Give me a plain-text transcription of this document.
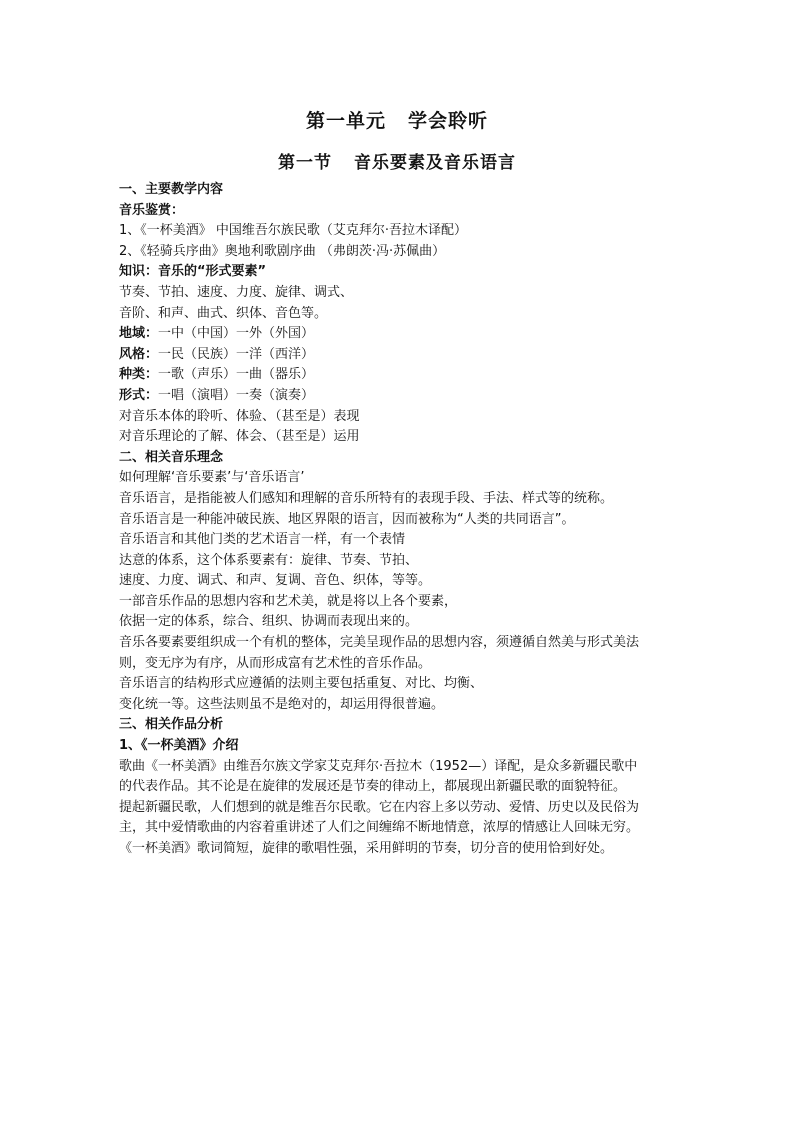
第一单元 学会聆听
第一节 音乐要素及音乐语言
一、主要教学内容
音乐鉴赏：
1、《一杯美酒》 中国维吾尔族民歌（艾克拜尔·吾拉木译配）
2、《轻骑兵序曲》奥地利歌剧序曲 （弗朗茨·冯·苏佩曲）
知识：音乐的“形式要素”
节奏、节拍、速度、力度、旋律、调式、
音阶、和声、曲式、织体、音色等。
地域：一中（中国）一外（外国）
风格：一民（民族）一洋（西洋）
种类：一歌（声乐）一曲（器乐）
形式：一唱（演唱）一奏（演奏）
对音乐本体的聆听、体验、（甚至是）表现
对音乐理论的了解、体会、（甚至是）运用
二、相关音乐理念
如何理解‘音乐要素’与‘音乐语言’
音乐语言，是指能被人们感知和理解的音乐所特有的表现手段、手法、样式等的统称。
音乐语言是一种能冲破民族、地区界限的语言，因而被称为“人类的共同语言”。
音乐语言和其他门类的艺术语言一样，有一个表情
达意的体系，这个体系要素有：旋律、节奏、节拍、
速度、力度、调式、和声、复调、音色、织体，等等。
一部音乐作品的思想内容和艺术美，就是将以上各个要素，
依据一定的体系，综合、组织、协调而表现出来的。
音乐各要素要组织成一个有机的整体，完美呈现作品的思想内容，须遵循自然美与形式美法
则，变无序为有序，从而形成富有艺术性的音乐作品。
音乐语言的结构形式应遵循的法则主要包括重复、对比、均衡、
变化统一等。这些法则虽不是绝对的，却运用得很普遍。
三、相关作品分析
1、《一杯美酒》介绍
歌曲《一杯美酒》由维吾尔族文学家艾克拜尔·吾拉木（1952—）译配，是众多新疆民歌中
的代表作品。其不论是在旋律的发展还是节奏的律动上，都展现出新疆民歌的面貌特征。
提起新疆民歌，人们想到的就是维吾尔民歌。它在内容上多以劳动、爱情、历史以及民俗为
主，其中爱情歌曲的内容着重讲述了人们之间缠绵不断地情意，浓厚的情感让人回味无穷。
《一杯美酒》歌词简短，旋律的歌唱性强，采用鲜明的节奏，切分音的使用恰到好处。
